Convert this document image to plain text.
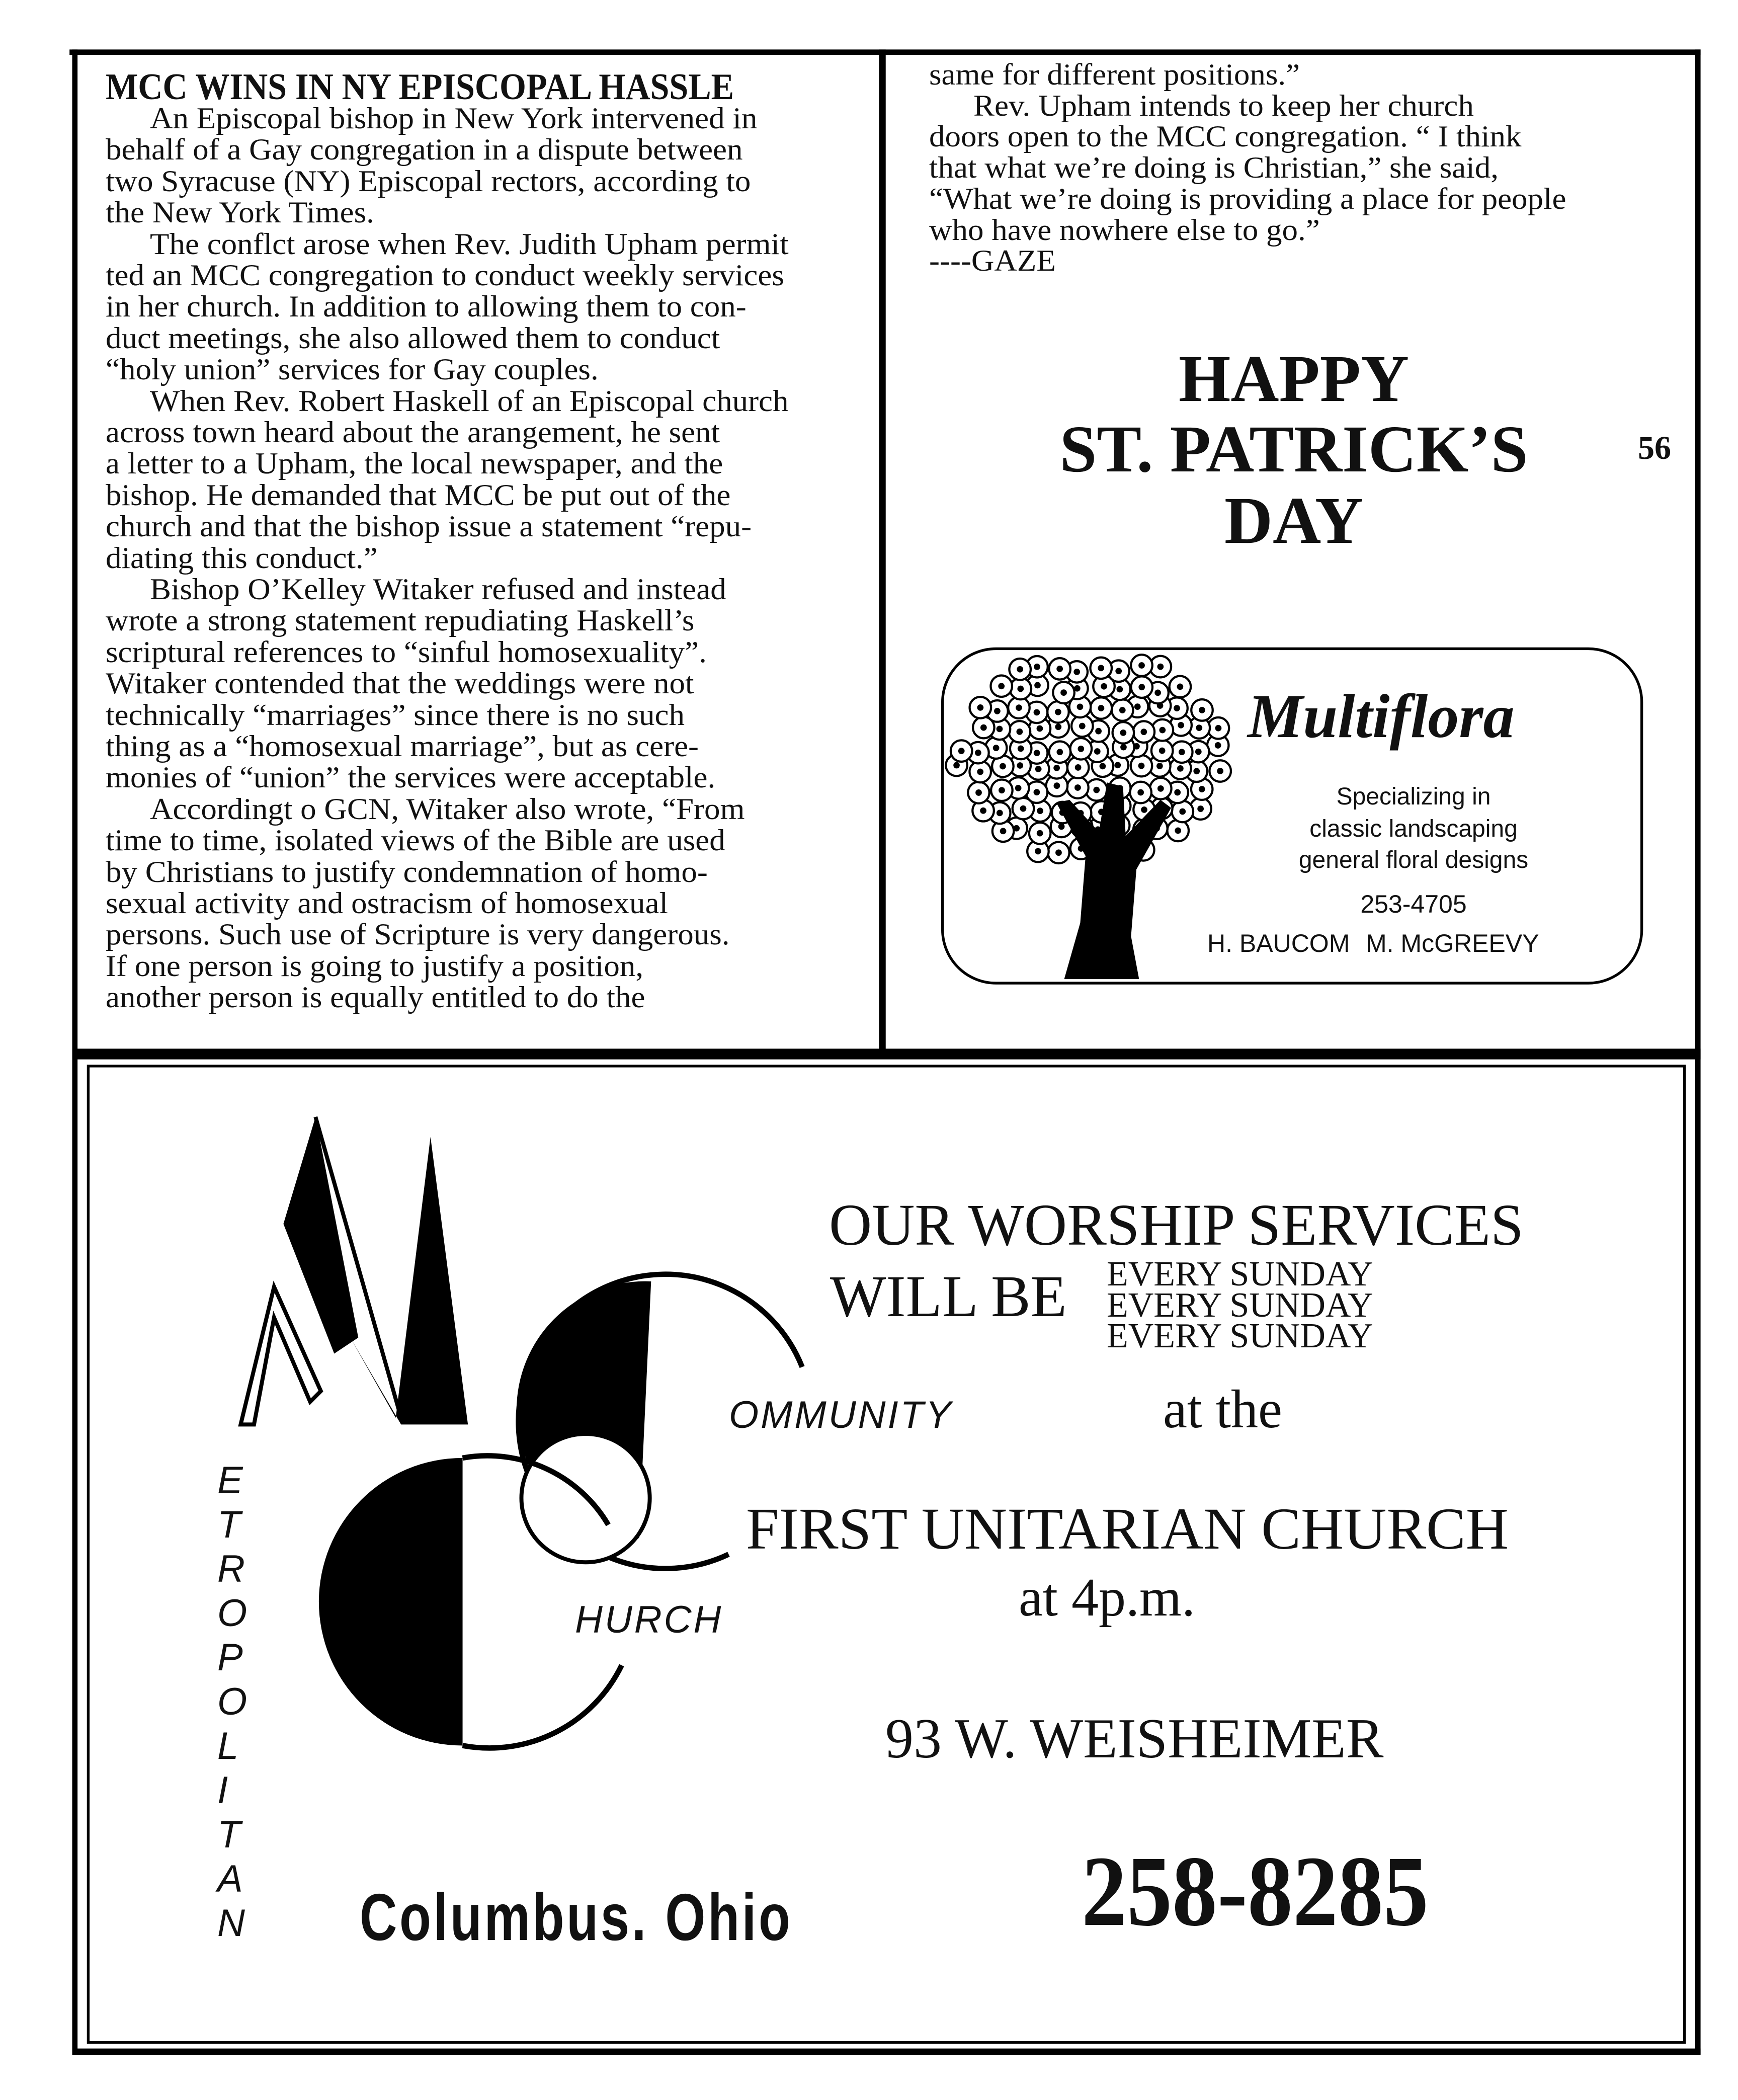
MCC WINS IN NY EPISCOPAL HASSLE
An Episcopal bishop in New York intervened in
behalf of a Gay congregation in a dispute between
two Syracuse (NY) Episcopal rectors, according to
the New York Times.
The conflct arose when Rev. Judith Upham permit
ted an MCC congregation to conduct weekly services
in her church. In addition to allowing them to con-
duct meetings, she also allowed them to conduct
“holy union” services for Gay couples.
When Rev. Robert Haskell of an Episcopal church
across town heard about the arangement, he sent
a letter to a Upham, the local newspaper, and the
bishop. He demanded that MCC be put out of the
church and that the bishop issue a statement “repu-
diating this conduct.”
Bishop O’Kelley Witaker refused and instead
wrote a strong statement repudiating Haskell’s
scriptural references to “sinful homosexuality”.
Witaker contended that the weddings were not
technically “marriages” since there is no such
thing as a “homosexual marriage”, but as cere-
monies of “union” the services were acceptable.
Accordingt o GCN, Witaker also wrote, “From
time to time, isolated views of the Bible are used
by Christians to justify condemnation of homo-
sexual activity and ostracism of homosexual
persons. Such use of Scripture is very dangerous.
If one person is going to justify a position,
another person is equally entitled to do the
same for different positions.”
Rev. Upham intends to keep her church
doors open to the MCC congregation. “ I think
that what we’re doing is Christian,” she said,
“What we’re doing is providing a place for people
who have nowhere else to go.”
----GAZE
HAPPY
ST. PATRICK’S
DAY
56
Multiflora
Specializing in
classic landscaping
general floral designs
253-4705
H. BAUCOM M. McGREEVY
OUR WORSHIP SERVICES
WILL BE EVERY SUNDAY
EVERY SUNDAY
EVERY SUNDAY
at the
FIRST UNITARIAN CHURCH
at 4p.m.
93 W. WEISHEIMER
258-8285
OMMUNITY
HURCH
E
T
R
O
P
O
L
I
T
A
N Columbus. Ohio
